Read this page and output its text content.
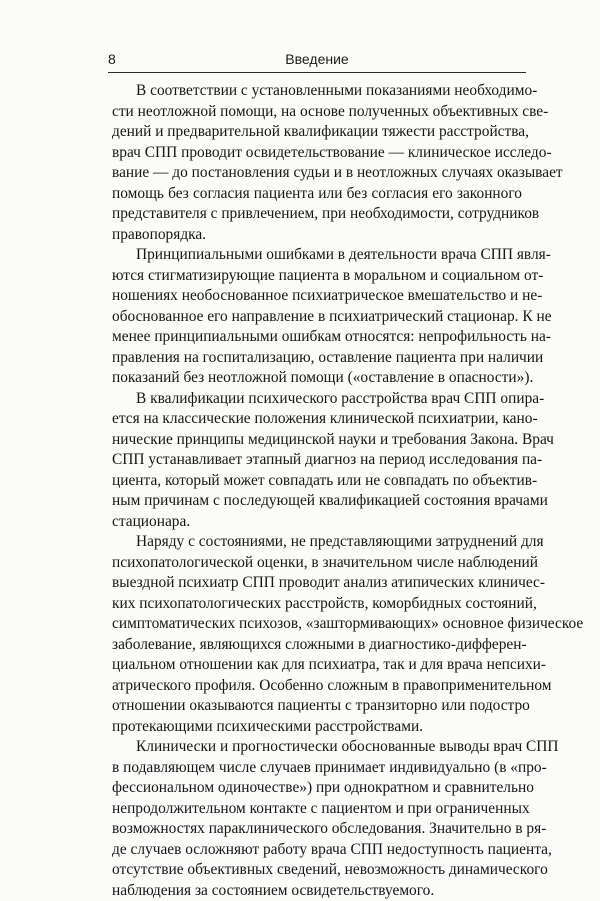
8	Введение
В соответствии с установленными показаниями необходимо-
сти неотложной помощи, на основе полученных объективных све-
дений и предварительной квалификации тяжести расстройства,
врач СПП проводит освидетельствование — клиническое исследо-
вание — до постановления судьи и в неотложных случаях оказывает
помощь без согласия пациента или без согласия его законного
представителя с привлечением, при необходимости, сотрудников
правопорядка.
Принципиальными ошибками в деятельности врача СПП явля-
ются стигматизирующие пациента в моральном и социальном от-
ношениях необоснованное психиатрическое вмешательство и не-
обоснованное его направление в психиатрический стационар. К не
менее принципиальными ошибкам относятся: непрофильность на-
правления на госпитализацию, оставление пациента при наличии
показаний без неотложной помощи («оставление в опасности»).
В квалификации психического расстройства врач СПП опира-
ется на классические положения клинической психиатрии, кано-
нические принципы медицинской науки и требования Закона. Врач
СПП устанавливает этапный диагноз на период исследования па-
циента, который может совпадать или не совпадать по объектив-
ным причинам с последующей квалификацией состояния врачами
стационара.
Наряду с состояниями, не представляющими затруднений для
психопатологической оценки, в значительном числе наблюдений
выездной психиатр СПП проводит анализ атипических клиничес-
ких психопатологических расстройств, коморбидных состояний,
симптоматических психозов, «заштормивающих» основное физическое
заболевание, являющихся сложными в диагностико-дифферен-
циальном отношении как для психиатра, так и для врача непсихи-
атрического профиля. Особенно сложным в правоприменительном
отношении оказываются пациенты с транзиторно или подостро
протекающими психическими расстройствами.
Клинически и прогностически обоснованные выводы врач СПП
в подавляющем числе случаев принимает индивидуально (в «про-
фессиональном одиночестве») при однократном и сравнительно
непродолжительном контакте с пациентом и при ограниченных
возможностях параклинического обследования. Значительно в ря-
де случаев осложняют работу врача СПП недоступность пациента,
отсутствие объективных сведений, невозможность динамического
наблюдения за состоянием освидетельствуемого.
